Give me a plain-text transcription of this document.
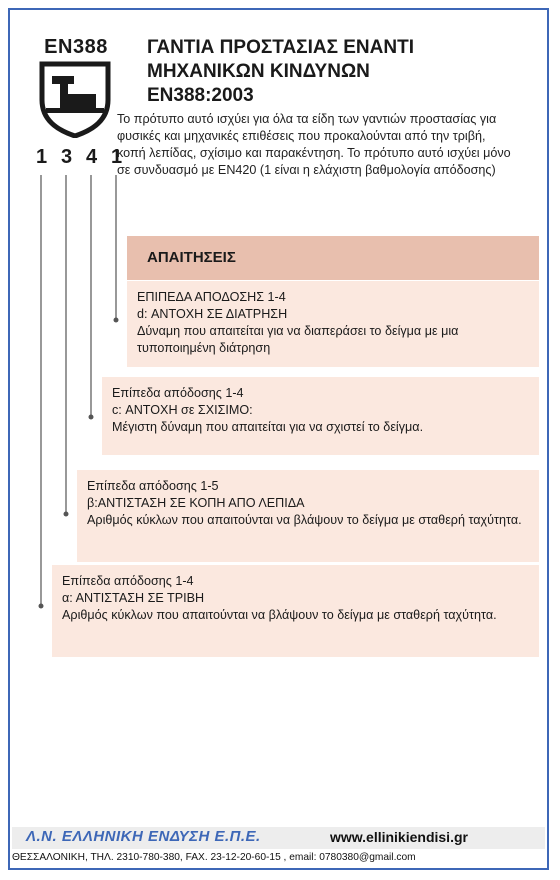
EN388
1 3 4 1
ΓΑΝΤΙΑ ΠΡΟΣΤΑΣΙΑΣ ΕΝΑΝΤΙ
ΜΗΧΑΝΙΚΩΝ ΚΙΝΔΥΝΩΝ
EN388:2003
Το πρότυπο αυτό ισχύει για όλα τα είδη των γαντιών προστασίας για φυσικές και μηχανικές επιθέσεις που προκαλούνται από την τριβή, κοπή λεπίδας, σχίσιμο και παρακέντηση. Το πρότυπο αυτό ισχύει μόνο σε συνδυασμό με EN420 (1 είναι η ελάχιστη βαθμολογία απόδοσης)
ΑΠΑΙΤΗΣΕΙΣ

ΕΠΙΠΕΔΑ ΑΠΟΔΟΣΗΣ 1-4

d: ΑΝΤΟΧΗ ΣΕ ΔΙΑΤΡΗΣΗ

Δύναμη που απαιτείται για να διαπεράσει το δείγμα με μια τυποποιημένη διάτρηση

Επίπεδα απόδοσης 1-4

c: ΑΝΤΟΧΗ σε ΣΧΙΣΙΜΟ:

Μέγιστη δύναμη που απαιτείται για να σχιστεί το δείγμα.

Επίπεδα απόδοσης 1-5

β:ΑΝΤΙΣΤΑΣΗ ΣΕ ΚΟΠΗ ΑΠΟ ΛΕΠΙΔΑ

Αριθμός κύκλων που απαιτούνται να βλάψουν το δείγμα με σταθερή ταχύτητα.

Επίπεδα απόδοσης 1-4

α: ΑΝΤΙΣΤΑΣΗ ΣΕ ΤΡΙΒΗ

Αριθμός κύκλων που απαιτούνται να βλάψουν το δείγμα με σταθερή ταχύτητα.

Λ.Ν. ΕΛΛΗΝΙΚΗ ΕΝΔΥΣΗ Ε.Π.Ε.	www.ellinikiendisi.gr
ΘΕΣΣΑΛΟΝΙΚΗ, ΤΗΛ. 2310-780-380, FAX. 23-12-20-60-15 , email: 0780380@gmail.com
